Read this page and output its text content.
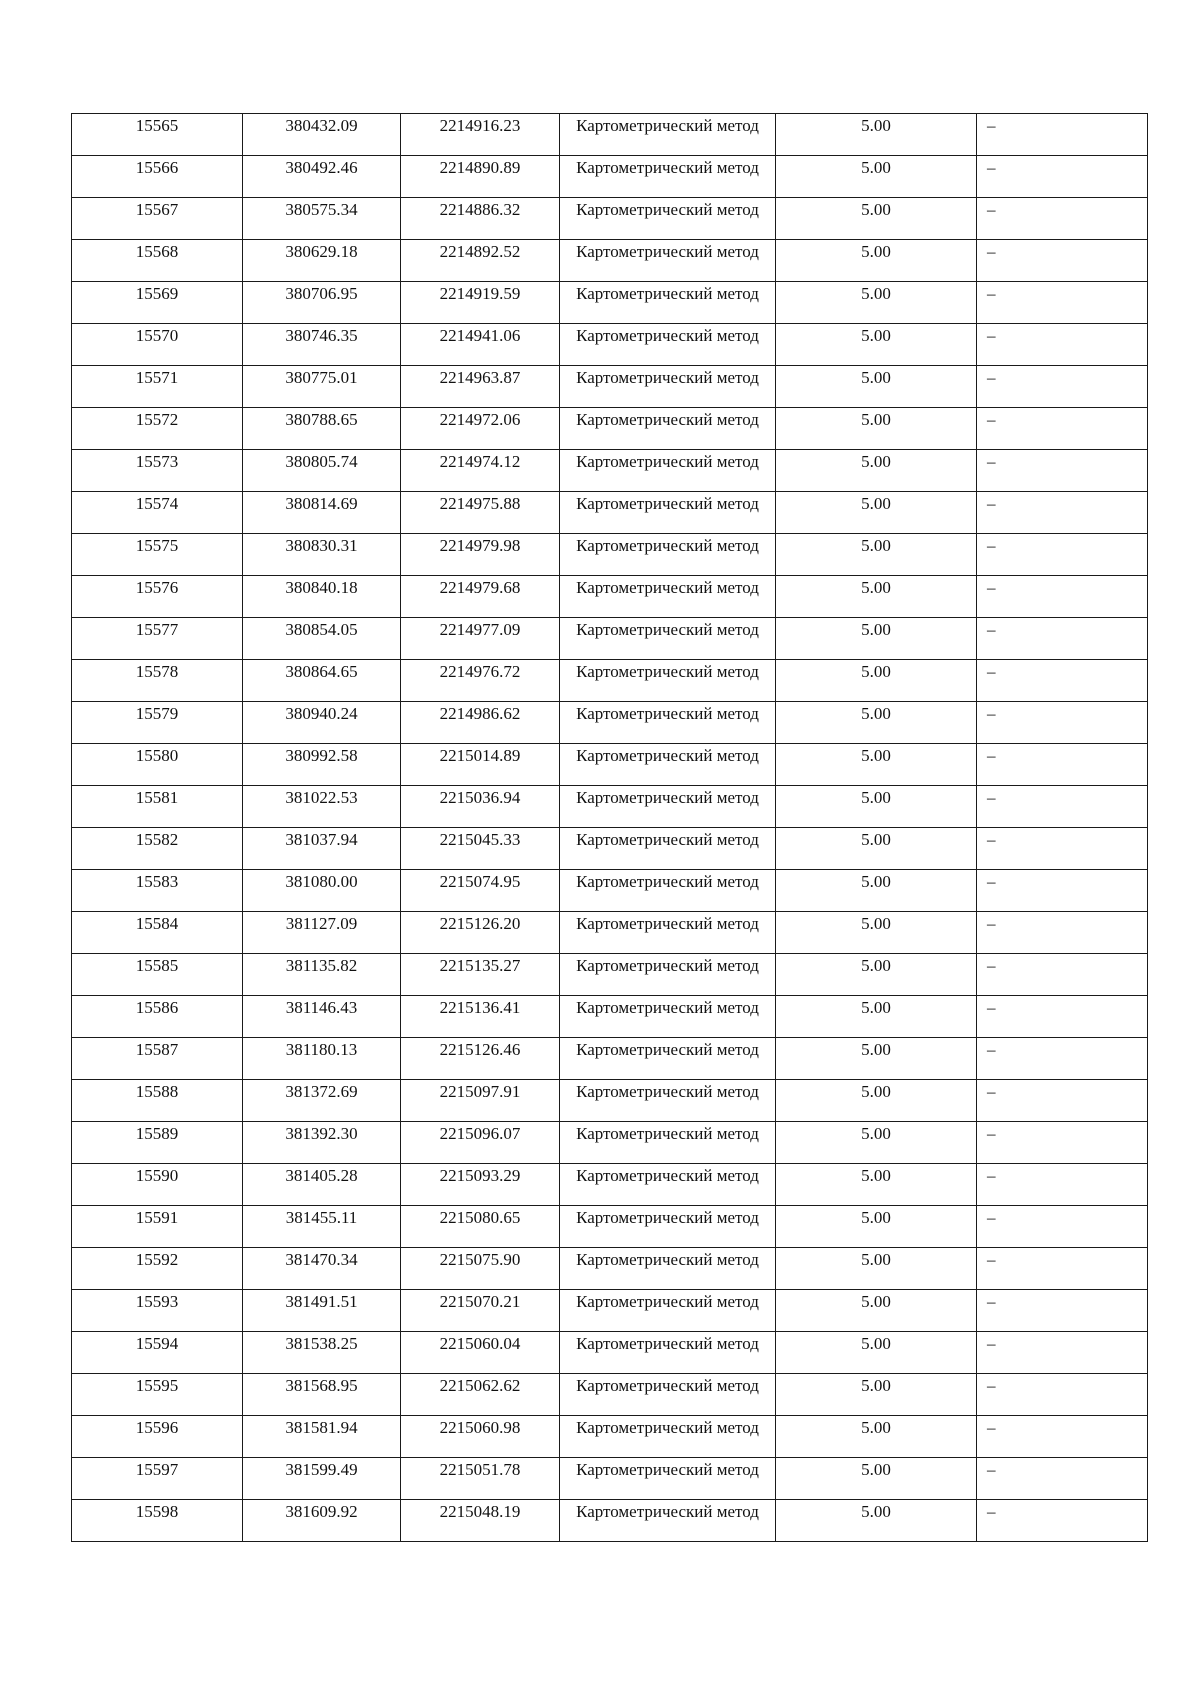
15565	380432.09	2214916.23	Картометрический метод	5.00	–
15566	380492.46	2214890.89	Картометрический метод	5.00	–
15567	380575.34	2214886.32	Картометрический метод	5.00	–
15568	380629.18	2214892.52	Картометрический метод	5.00	–
15569	380706.95	2214919.59	Картометрический метод	5.00	–
15570	380746.35	2214941.06	Картометрический метод	5.00	–
15571	380775.01	2214963.87	Картометрический метод	5.00	–
15572	380788.65	2214972.06	Картометрический метод	5.00	–
15573	380805.74	2214974.12	Картометрический метод	5.00	–
15574	380814.69	2214975.88	Картометрический метод	5.00	–
15575	380830.31	2214979.98	Картометрический метод	5.00	–
15576	380840.18	2214979.68	Картометрический метод	5.00	–
15577	380854.05	2214977.09	Картометрический метод	5.00	–
15578	380864.65	2214976.72	Картометрический метод	5.00	–
15579	380940.24	2214986.62	Картометрический метод	5.00	–
15580	380992.58	2215014.89	Картометрический метод	5.00	–
15581	381022.53	2215036.94	Картометрический метод	5.00	–
15582	381037.94	2215045.33	Картометрический метод	5.00	–
15583	381080.00	2215074.95	Картометрический метод	5.00	–
15584	381127.09	2215126.20	Картометрический метод	5.00	–
15585	381135.82	2215135.27	Картометрический метод	5.00	–
15586	381146.43	2215136.41	Картометрический метод	5.00	–
15587	381180.13	2215126.46	Картометрический метод	5.00	–
15588	381372.69	2215097.91	Картометрический метод	5.00	–
15589	381392.30	2215096.07	Картометрический метод	5.00	–
15590	381405.28	2215093.29	Картометрический метод	5.00	–
15591	381455.11	2215080.65	Картометрический метод	5.00	–
15592	381470.34	2215075.90	Картометрический метод	5.00	–
15593	381491.51	2215070.21	Картометрический метод	5.00	–
15594	381538.25	2215060.04	Картометрический метод	5.00	–
15595	381568.95	2215062.62	Картометрический метод	5.00	–
15596	381581.94	2215060.98	Картометрический метод	5.00	–
15597	381599.49	2215051.78	Картометрический метод	5.00	–
15598	381609.92	2215048.19	Картометрический метод	5.00	–
